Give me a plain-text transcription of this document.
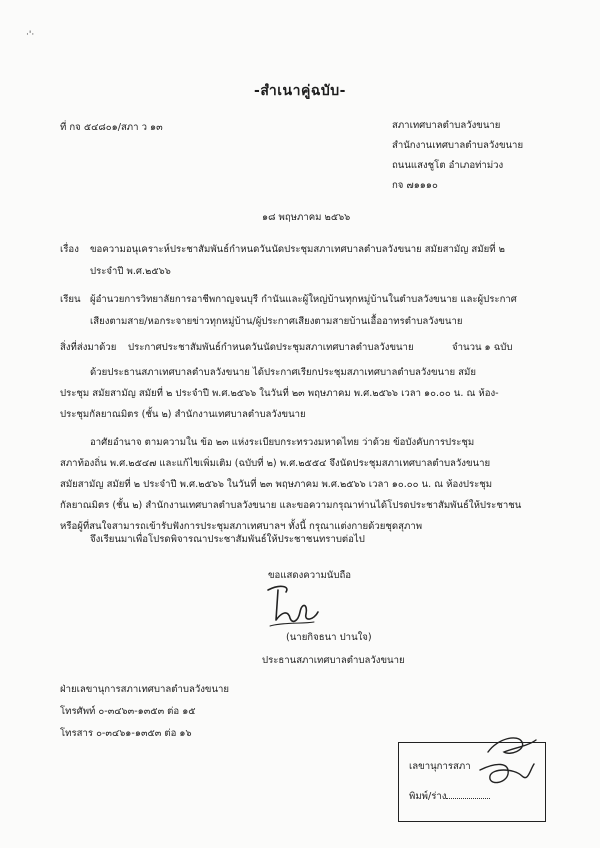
·'·
-สำเนาคู่ฉบับ-
ที่ กจ ๕๔๘๐๑/สภา ว ๑๓	สภาเทศบาลตำบลวังขนาย
สำนักงานเทศบาลตำบลวังขนาย
ถนนแสงชูโต อำเภอท่าม่วง
กจ ๗๑๑๑๐
๑๘ พฤษภาคม ๒๕๖๖
เรื่อง ขอความอนุเคราะห์ประชาสัมพันธ์กำหนดวันนัดประชุมสภาเทศบาลตำบลวังขนาย สมัยสามัญ สมัยที่ ๒
ประจำปี พ.ศ.๒๕๖๖
เรียน ผู้อำนวยการวิทยาลัยการอาชีพกาญจนบุรี กำนันและผู้ใหญ่บ้านทุกหมู่บ้านในตำบลวังขนาย และผู้ประกาศ
เสียงตามสาย/หอกระจายข่าวทุกหมู่บ้าน/ผู้ประกาศเสียงตามสายบ้านเอื้ออาทรตำบลวังขนาย
สิ่งที่ส่งมาด้วย ประกาศประชาสัมพันธ์กำหนดวันนัดประชุมสภาเทศบาลตำบลวังขนาย	จำนวน ๑ ฉบับ

ด้วยประธานสภาเทศบาลตำบลวังขนาย ได้ประกาศเรียกประชุมสภาเทศบาลตำบลวังขนาย สมัย

ประชุม สมัยสามัญ สมัยที่ ๒ ประจำปี พ.ศ.๒๕๖๖ ในวันที่ ๒๓ พฤษภาคม พ.ศ.๒๕๖๖ เวลา ๑๐.๐๐ น. ณ ห้อง-

ประชุมกัลยาณมิตร (ชั้น ๒) สำนักงานเทศบาลตำบลวังขนาย

อาศัยอำนาจ ตามความใน ข้อ ๒๓ แห่งระเบียบกระทรวงมหาดไทย ว่าด้วย ข้อบังคับการประชุม

สภาท้องถิ่น พ.ศ.๒๕๔๗ และแก้ไขเพิ่มเติม (ฉบับที่ ๒) พ.ศ.๒๕๕๔ จึงนัดประชุมสภาเทศบาลตำบลวังขนาย

สมัยสามัญ สมัยที่ ๒ ประจำปี พ.ศ.๒๕๖๖ ในวันที่ ๒๓ พฤษภาคม พ.ศ.๒๕๖๖ เวลา ๑๐.๐๐ น. ณ ห้องประชุม

กัลยาณมิตร (ชั้น ๒) สำนักงานเทศบาลตำบลวังขนาย และขอความกรุณาท่านได้โปรดประชาสัมพันธ์ให้ประชาชน

หรือผู้ที่สนใจสามารถเข้ารับฟังการประชุมสภาเทศบาลฯ ทั้งนี้ กรุณาแต่งกายด้วยชุดสุภาพ

จึงเรียนมาเพื่อโปรดพิจารณาประชาสัมพันธ์ให้ประชาชนทราบต่อไป
ขอแสดงความนับถือ
(นายกิจธนา ปานใจ)
ประธานสภาเทศบาลตำบลวังขนาย
ฝ่ายเลขานุการสภาเทศบาลตำบลวังขนาย
โทรศัพท์ ๐-๓๔๖๓-๑๓๕๓ ต่อ ๑๕
โทรสาร ๐-๓๔๖๑-๑๓๕๓ ต่อ ๑๖
เลขานุการสภา
พิมพ์/ร่าง
